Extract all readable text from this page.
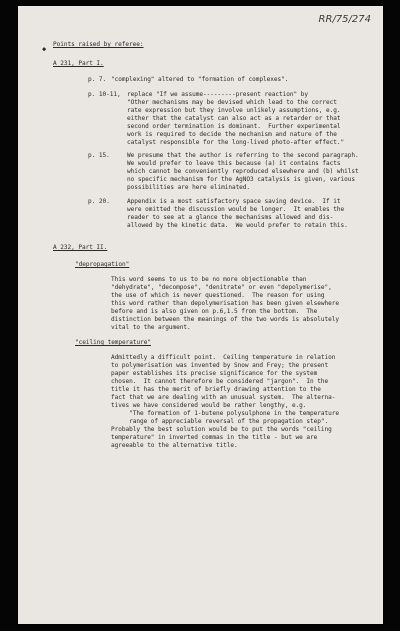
RR/75/274
◆
Points raised by referee:
A 231, Part I.
p. 7. "complexing" altered to "formation of complexes".
p. 10-11, replace "If we assume---------present reaction" by
"Other mechanisms may be devised which lead to the correct
rate expression but they involve unlikely assumptions, e.g.
either that the catalyst can also act as a retarder or that
second order termination is dominant.  Further experimental
work is required to decide the mechanism and nature of the
catalyst responsible for the long-lived photo-after effect."
p. 15.	We presume that the author is referring to the second paragraph.
We would prefer to leave this because (a) it contains facts
which cannot be conveniently reproduced elsewhere and (b) whilst
no specific mechanism for the AgNO3 catalysis is given, various
possibilities are here eliminated.
p. 20.	Appendix is a most satisfactory space saving device.  If it
were omitted the discussion would be longer.  It enables the
reader to see at a glance the mechanisms allowed and dis-
allowed by the kinetic data.  We would prefer to retain this.
A 232, Part II.
"depropagation"
This word seems to us to be no more objectionable than
"dehydrate", "decompose", "denitrate" or even "depolymerise",
the use of which is never questioned.  The reason for using
this word rather than depolymerisation has been given elsewhere
before and is also given on p.6,1.5 from the bottom.  The
distinction between the meanings of the two words is absolutely
vital to the argument.
"ceiling temperature"
Admittedly a difficult point.  Ceiling temperature in relation
to polymerisation was invented by Snow and Frey; the present
paper establishes its precise significance for the system
chosen.  It cannot therefore be considered "jargon".  In the
title it has the merit of briefly drawing attention to the
fact that we are dealing with an unusual system.  The alterna-
tives we have considered would be rather lengthy, e.g.
"The formation of 1-butene polysulphone in the temperature
range of appreciable reversal of the propagation step".
Probably the best solution would be to put the words "ceiling
temperature" in inverted commas in the title - but we are
agreeable to the alternative title.
